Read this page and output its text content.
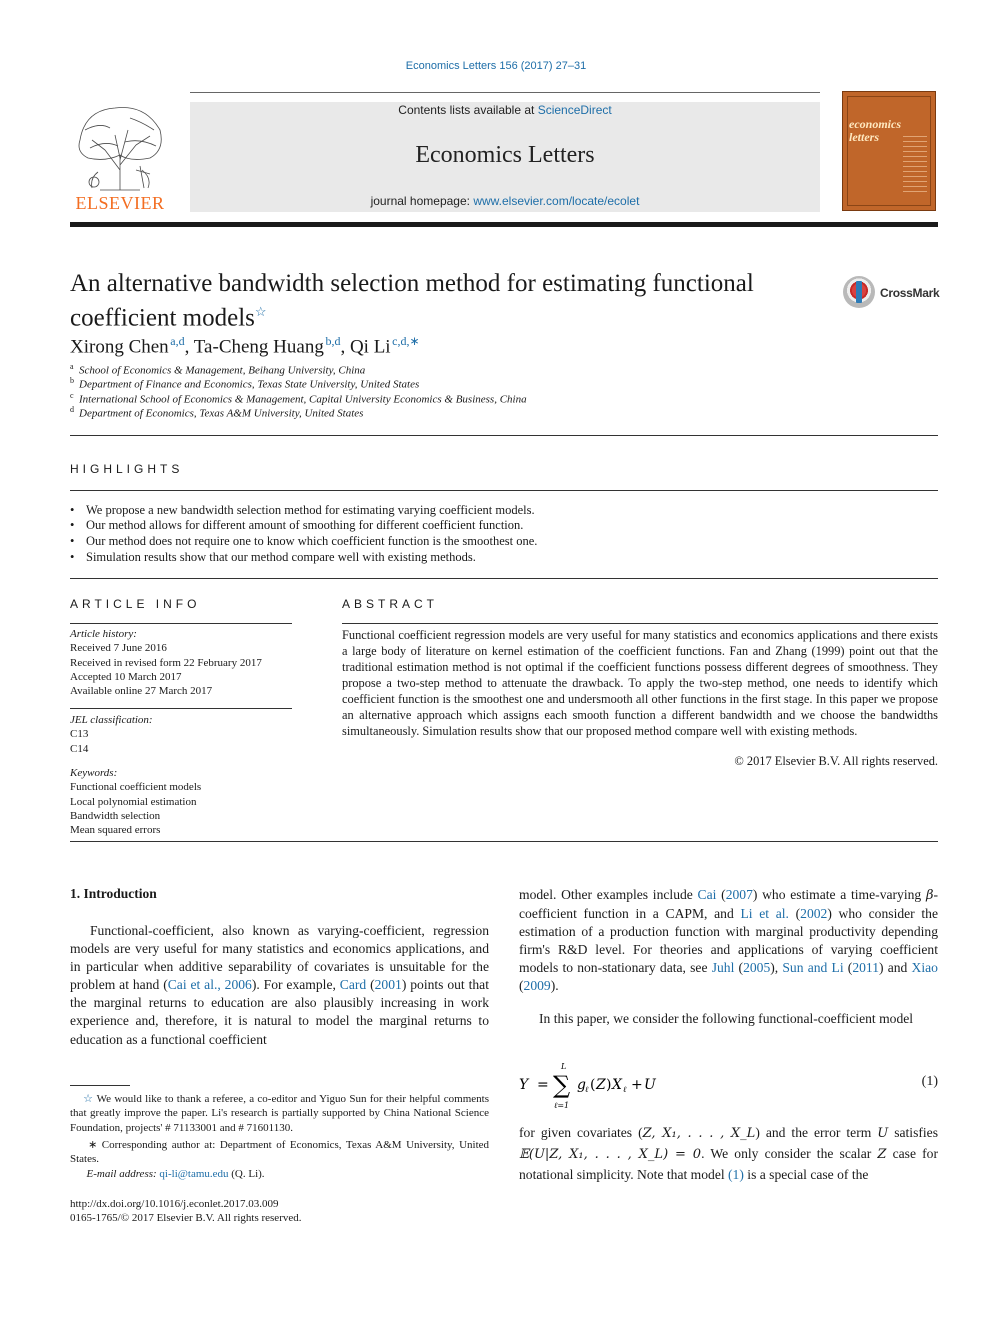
Economics Letters 156 (2017) 27–31
ELSEVIER
Contents lists available at ScienceDirect
Economics Letters
journal homepage: www.elsevier.com/locate/ecolet
economics
letters
An alternative bandwidth selection method for estimating functional coefficient models☆
CrossMark
Xirong Chen  $^{a,d}$, Ta-Cheng Huang  $^{b,d}$, Qi Li  $^{c,d,∗}$
a School of Economics & Management, Beihang University, China
b Department of Finance and Economics, Texas State University, United States
c International School of Economics & Management, Capital University Economics & Business, China
d Department of Economics, Texas A&M University, United States
HIGHLIGHTS
• We propose a new bandwidth selection method for estimating varying coefficient models.
• Our method allows for different amount of smoothing for different coefficient function.
• Our method does not require one to know which coefficient function is the smoothest one.
• Simulation results show that our method compare well with existing methods.
ARTICLE INFO
Article history:
Received 7 June 2016
Received in revised form 22 February 2017
Accepted 10 March 2017
Available online 27 March 2017
JEL classification:
C13
C14
Keywords:
Functional coefficient models
Local polynomial estimation
Bandwidth selection
Mean squared errors
ABSTRACT
Functional coefficient regression models are very useful for many statistics and economics applications and there exists a large body of literature on kernel estimation of the coefficient functions. Fan and Zhang (1999) point out that the traditional estimation method is not optimal if the coefficient functions possess different degrees of smoothness. They propose a two-step method to attenuate the drawback. To apply the two-step method, one needs to identify which coefficient function is the smoothest one and undersmooth all other functions in the first stage. In this paper we propose an alternative approach which assigns each smooth function a different bandwidth and we choose the bandwidths simultaneously. Simulation results show that our proposed method compare well with existing methods.
© 2017 Elsevier B.V. All rights reserved.
1. Introduction

Functional-coefficient, also known as varying-coefficient, regression models are very useful for many statistics and economics applications, and in particular when additive separability of covariates is unsuitable for the problem at hand (Cai et al., 2006). For example, Card (2001) points out that the marginal returns to education are also plausibly increasing in work experience and, therefore, it is natural to model the marginal returns to education as a functional coefficient

☆ We would like to thank a referee, a co-editor and Yiguo Sun for their helpful comments that greatly improve the paper. Li's research is partially supported by China National Science Foundation, projects' # 71133001 and # 71601130.
∗ Corresponding author at: Department of Economics, Texas A&M University, United States.
E-mail address: qi-li@tamu.edu (Q. Li).
http://dx.doi.org/10.1016/j.econlet.2017.03.009
0165-1765/© 2017 Elsevier B.V. All rights reserved.

model. Other examples include Cai (2007) who estimate a time-varying β-coefficient function in a CAPM, and Li et al. (2002) who consider the estimation of a production function with marginal productivity depending firm's R&D level. For theories and applications of varying coefficient models to non-stationary data, see Juhl (2005), Sun and Li (2011) and Xiao (2009).

In this paper, we consider the following functional-coefficient model

Y =
L
∑
ℓ=1
g ℓ ( Z ) X ℓ + U	(1)

for given covariates (Z, X₁, . . . , X_L) and the error term U satisfies 𝔼(U|Z, X₁, . . . , X_L) = 0. We only consider the scalar Z case for notational simplicity. Note that model (1) is a special case of the
